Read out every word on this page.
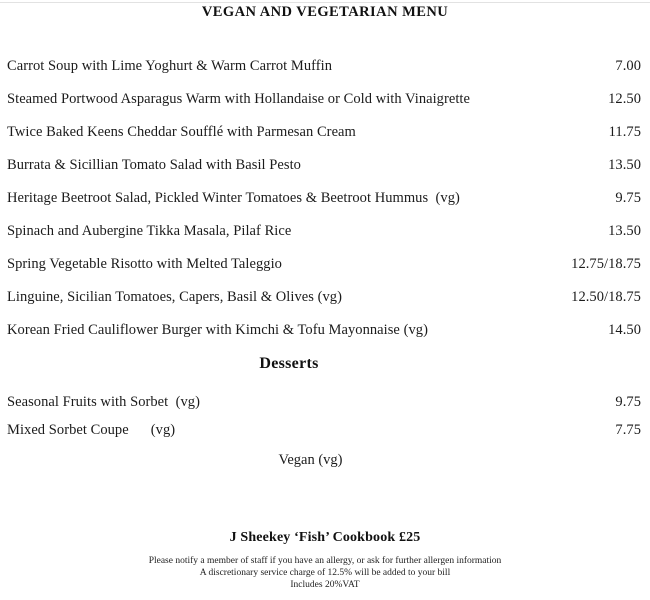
VEGAN AND VEGETARIAN MENU
Carrot Soup with Lime Yoghurt & Warm Carrot Muffin	7.00
Steamed Portwood Asparagus Warm with Hollandaise or Cold with Vinaigrette	12.50
Twice Baked Keens Cheddar Soufflé with Parmesan Cream	11.75
Burrata & Sicillian Tomato Salad with Basil Pesto	13.50
Heritage Beetroot Salad, Pickled Winter Tomatoes & Beetroot Hummus  (vg)	9.75
Spinach and Aubergine Tikka Masala, Pilaf Rice	13.50
Spring Vegetable Risotto with Melted Taleggio	12.75/18.75
Linguine, Sicilian Tomatoes, Capers, Basil & Olives (vg)	12.50/18.75
Korean Fried Cauliflower Burger with Kimchi & Tofu Mayonnaise (vg)	14.50
Desserts
Seasonal Fruits with Sorbet  (vg)	9.75
Mixed Sorbet Coupe      (vg)	7.75
Vegan (vg)
J Sheekey ‘Fish’ Cookbook £25
Please notify a member of staff if you have an allergy, or ask for further allergen information
A discretionary service charge of 12.5% will be added to your bill
Includes 20%VAT
